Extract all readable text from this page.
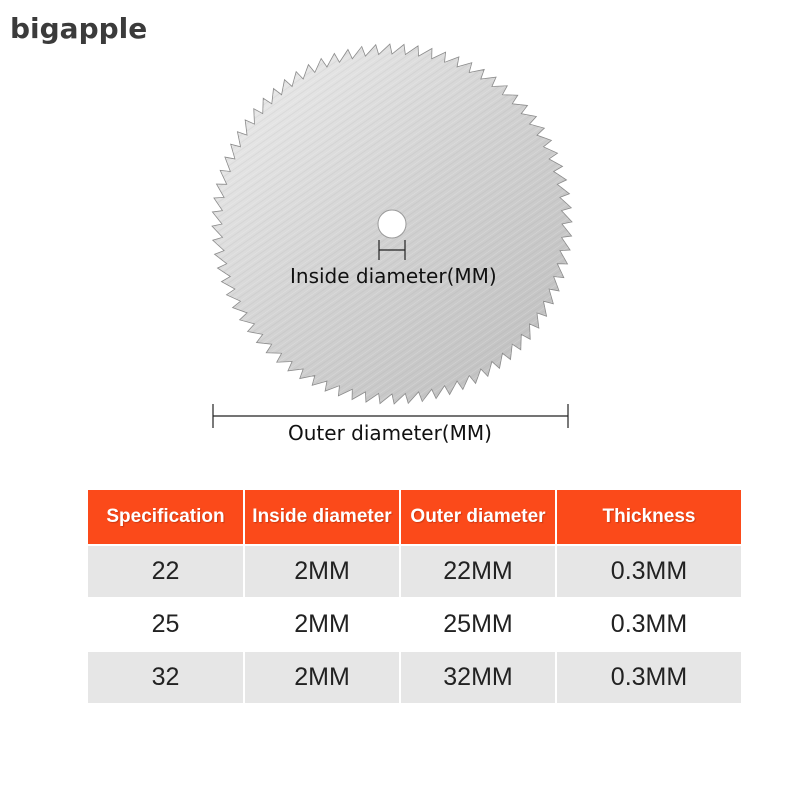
bigapple
Inside diameter(MM)
Outer diameter(MM)
Specification	Inside diameter	Outer diameter	Thickness
22	2MM	22MM	0.3MM
25	2MM	25MM	0.3MM
32	2MM	32MM	0.3MM
